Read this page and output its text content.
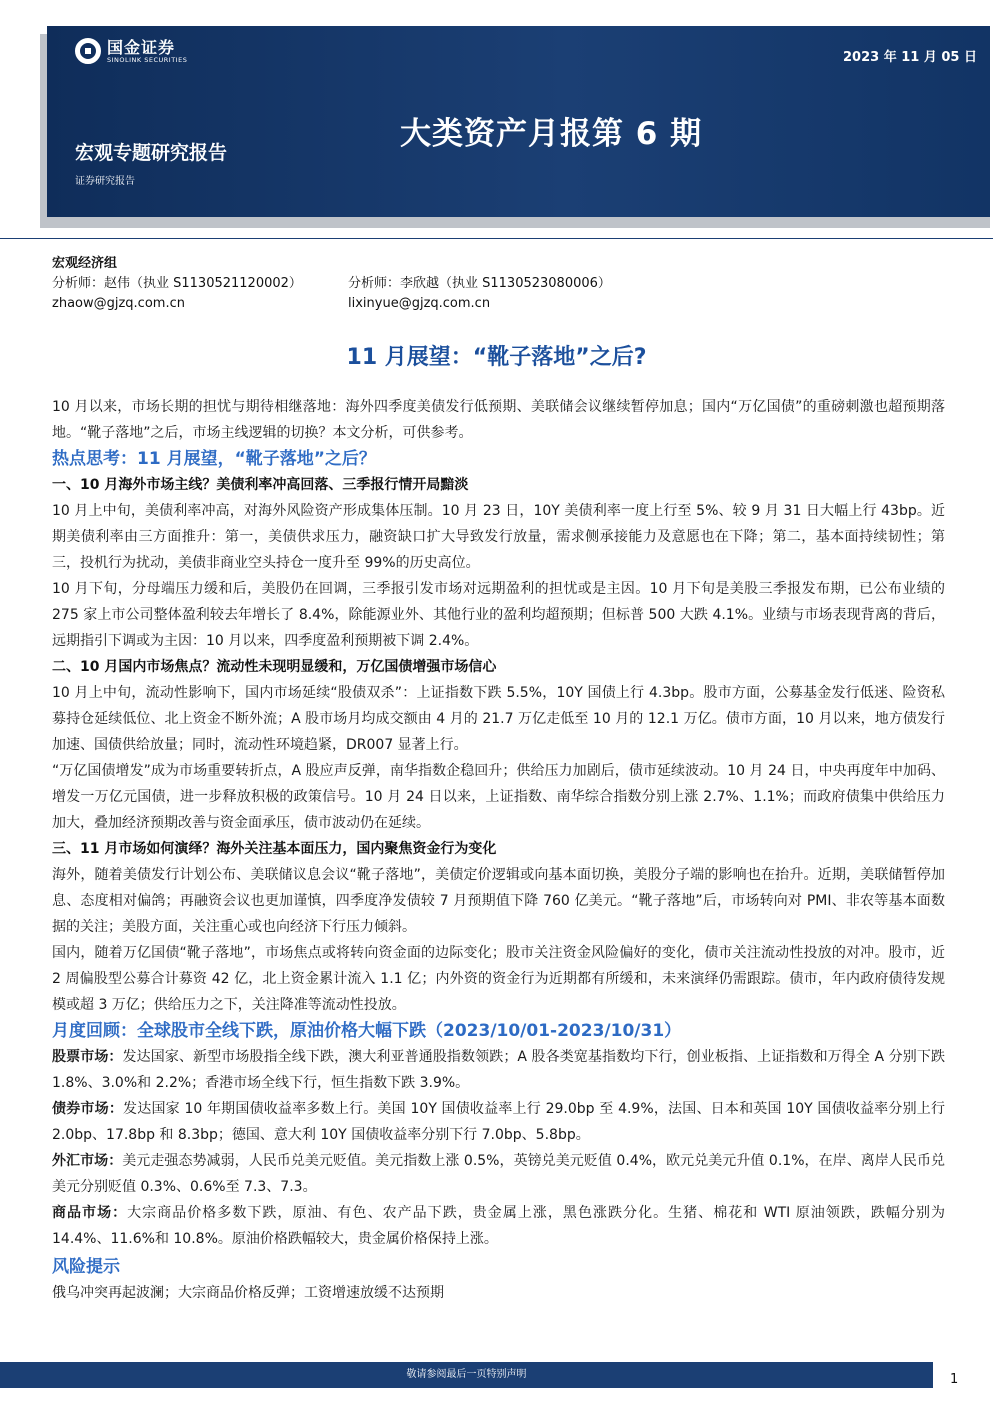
国金证券
SINOLINK SECURITIES	2023 年 11 月 05 日
大类资产月报第 6 期
宏观专题研究报告
证券研究报告
宏观经济组
分析师：赵伟（执业 S1130521120002）	分析师：李欣越（执业 S1130523080006）
zhaow@gjzq.com.cn	lixinyue@gjzq.com.cn
11 月展望：“靴子落地”之后?

10 月以来，市场长期的担忧与期待相继落地：海外四季度美债发行低预期、美联储会议继续暂停加息；国内“万亿国债”的重磅刺激也超预期落地。“靴子落地”之后，市场主线逻辑的切换？本文分析，可供参考。

热点思考：11 月展望，“靴子落地”之后？
一、10 月海外市场主线？美债利率冲高回落、三季报行情开局黯淡

10 月上中旬，美债利率冲高，对海外风险资产形成集体压制。10 月 23 日，10Y 美债利率一度上行至 5%、较 9 月 31 日大幅上行 43bp。近期美债利率由三方面推升：第一，美债供求压力，融资缺口扩大导致发行放量，需求侧承接能力及意愿也在下降；第二，基本面持续韧性；第三，投机行为扰动，美债非商业空头持仓一度升至 99%的历史高位。

10 月下旬，分母端压力缓和后，美股仍在回调，三季报引发市场对远期盈利的担忧或是主因。10 月下旬是美股三季报发布期，已公布业绩的 275 家上市公司整体盈利较去年增长了 8.4%，除能源业外、其他行业的盈利均超预期；但标普 500 大跌 4.1%。业绩与市场表现背离的背后，远期指引下调或为主因：10 月以来，四季度盈利预期被下调 2.4%。

二、10 月国内市场焦点？流动性未现明显缓和，万亿国债增强市场信心

10 月上中旬，流动性影响下，国内市场延续“股债双杀”：上证指数下跌 5.5%，10Y 国债上行 4.3bp。股市方面，公募基金发行低迷、险资私募持仓延续低位、北上资金不断外流；A 股市场月均成交额由 4 月的 21.7 万亿走低至 10 月的 12.1 万亿。债市方面，10 月以来，地方债发行加速、国债供给放量；同时，流动性环境趋紧，DR007 显著上行。

“万亿国债增发”成为市场重要转折点，A 股应声反弹，南华指数企稳回升；供给压力加剧后，债市延续波动。10 月 24 日，中央再度年中加码、增发一万亿元国债，进一步释放积极的政策信号。10 月 24 日以来，上证指数、南华综合指数分别上涨 2.7%、1.1%；而政府债集中供给压力加大，叠加经济预期改善与资金面承压，债市波动仍在延续。

三、11 月市场如何演绎？海外关注基本面压力，国内聚焦资金行为变化

海外，随着美债发行计划公布、美联储议息会议“靴子落地”，美债定价逻辑或向基本面切换，美股分子端的影响也在抬升。近期，美联储暂停加息、态度相对偏鸽；再融资会议也更加谨慎，四季度净发债较 7 月预期值下降 760 亿美元。“靴子落地”后，市场转向对 PMI、非农等基本面数据的关注；美股方面，关注重心或也向经济下行压力倾斜。

国内，随着万亿国债“靴子落地”，市场焦点或将转向资金面的边际变化；股市关注资金风险偏好的变化，债市关注流动性投放的对冲。股市，近 2 周偏股型公募合计募资 42 亿，北上资金累计流入 1.1 亿；内外资的资金行为近期都有所缓和，未来演绎仍需跟踪。债市，年内政府债待发规模或超 3 万亿；供给压力之下，关注降准等流动性投放。

月度回顾：全球股市全线下跌，原油价格大幅下跌（2023/10/01-2023/10/31）

股票市场：发达国家、新型市场股指全线下跌，澳大利亚普通股指数领跌；A 股各类宽基指数均下行，创业板指、上证指数和万得全 A 分别下跌 1.8%、3.0%和 2.2%；香港市场全线下行，恒生指数下跌 3.9%。

债券市场：发达国家 10 年期国债收益率多数上行。美国 10Y 国债收益率上行 29.0bp 至 4.9%，法国、日本和英国 10Y 国债收益率分别上行 2.0bp、17.8bp 和 8.3bp；德国、意大利 10Y 国债收益率分别下行 7.0bp、5.8bp。

外汇市场：美元走强态势减弱，人民币兑美元贬值。美元指数上涨 0.5%，英镑兑美元贬值 0.4%，欧元兑美元升值 0.1%，在岸、离岸人民币兑美元分别贬值 0.3%、0.6%至 7.3、7.3。

商品市场：大宗商品价格多数下跌，原油、有色、农产品下跌，贵金属上涨，黑色涨跌分化。生猪、棉花和 WTI 原油领跌，跌幅分别为 14.4%、11.6%和 10.8%。原油价格跌幅较大，贵金属价格保持上涨。

风险提示

俄乌冲突再起波澜；大宗商品价格反弹；工资增速放缓不达预期

敬请参阅最后一页特别声明	1
